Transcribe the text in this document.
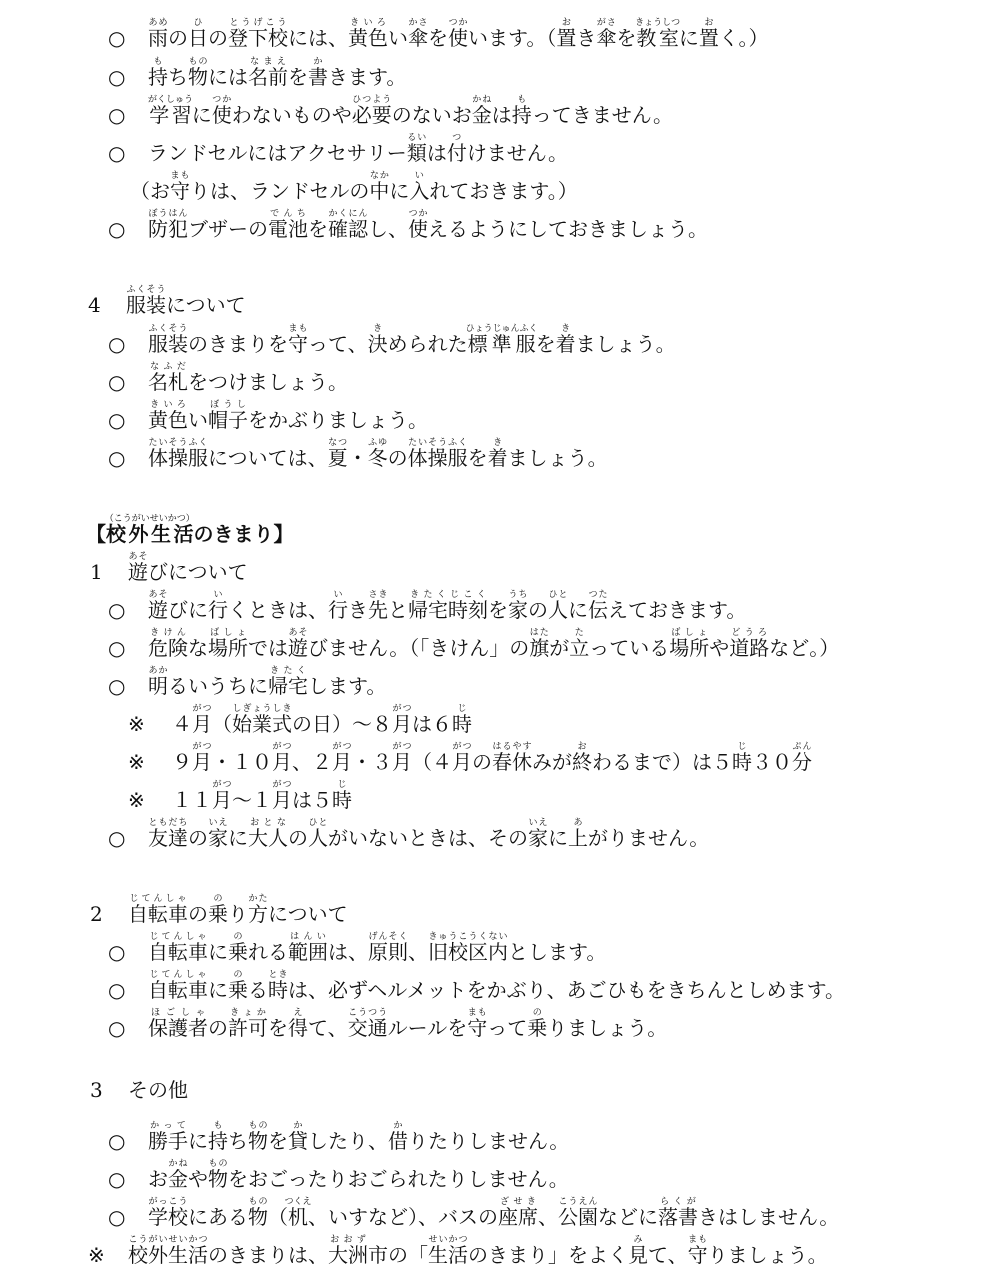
○ 雨あめの日ひの登下校とうげこうには、黄色きいろい傘かさを使つかいます。（置おき傘がさを教室きょうしつに置おく。）
○ 持もち物ものには名前なまえを書かきます。
○ 学習がくしゅうに使つかわないものや必要ひつようのないお金かねは持もってきません。
○ ランドセルにはアクセサリー類るいは付つけません。
（お守まもりは、ランドセルの中なかに入いれておきます。）
○ 防犯ぼうはんブザーの電池でんちを確認かくにんし、使つかえるようにしておきましょう。
4 服装ふくそうについて
○ 服装ふくそうのきまりを守まもって、決きめられた標準服ひょうじゅんふくを着きましょう。
○ 名札なふだをつけましょう。
○ 黄色きいろい帽子ぼうしをかぶりましょう。
○ 体操服たいそうふくについては、夏なつ・冬ふゆの体操服たいそうふくを着きましょう。
【校外生活（こうがいせいかつ）のきまり】
1 遊あそびについて
○ 遊あそびに行いくときは、行いき先さきと帰宅きたく時刻じこくを家うちの人ひとに伝つたえておきます。
○ 危険きけんな場所ばしょでは遊あそびません。（「きけん」の旗はたが立たっている場所ばしょや道路どうろなど。）
○ 明あかるいうちに帰宅きたくします。
※ ４月がつ（始業式しぎょうしきの日）～８月がつは６時じ
※ ９月がつ・１０月がつ、２月がつ・３月がつ（４月がつの春休はるやすみが終おわるまで）は５時じ３０分ぷん
※ １１月がつ～１月がつは５時じ
○ 友達ともだちの家いえに大人おとなの人ひとがいないときは、その家いえに上あがりません。
2 自転車じてんしゃの乗のり方かたについて
○ 自転車じてんしゃに乗のれる範囲はんいは、原則げんそく、旧校区内きゅうこうくないとします。
○ 自転車じてんしゃに乗のる時ときは、必ずヘルメットをかぶり、あごひもをきちんとしめます。
○ 保護者ほごしゃの許可きょかを得えて、交通こうつうルールを守まもって乗のりましょう。
3 その他
○ 勝手かってに持もち物ものを貸かしたり、借かりたりしません。
○ お金かねや物ものをおごったりおごられたりしません。
○ 学校がっこうにある物もの（机つくえ、いすなど）、バスの座席ざせき、公園こうえんなどに落書らくがきはしません。
※ 校外生活こうがいせいかつのきまりは、大洲おおず市の「生活せいかつのきまり」をよく見みて、守まもりましょう。
